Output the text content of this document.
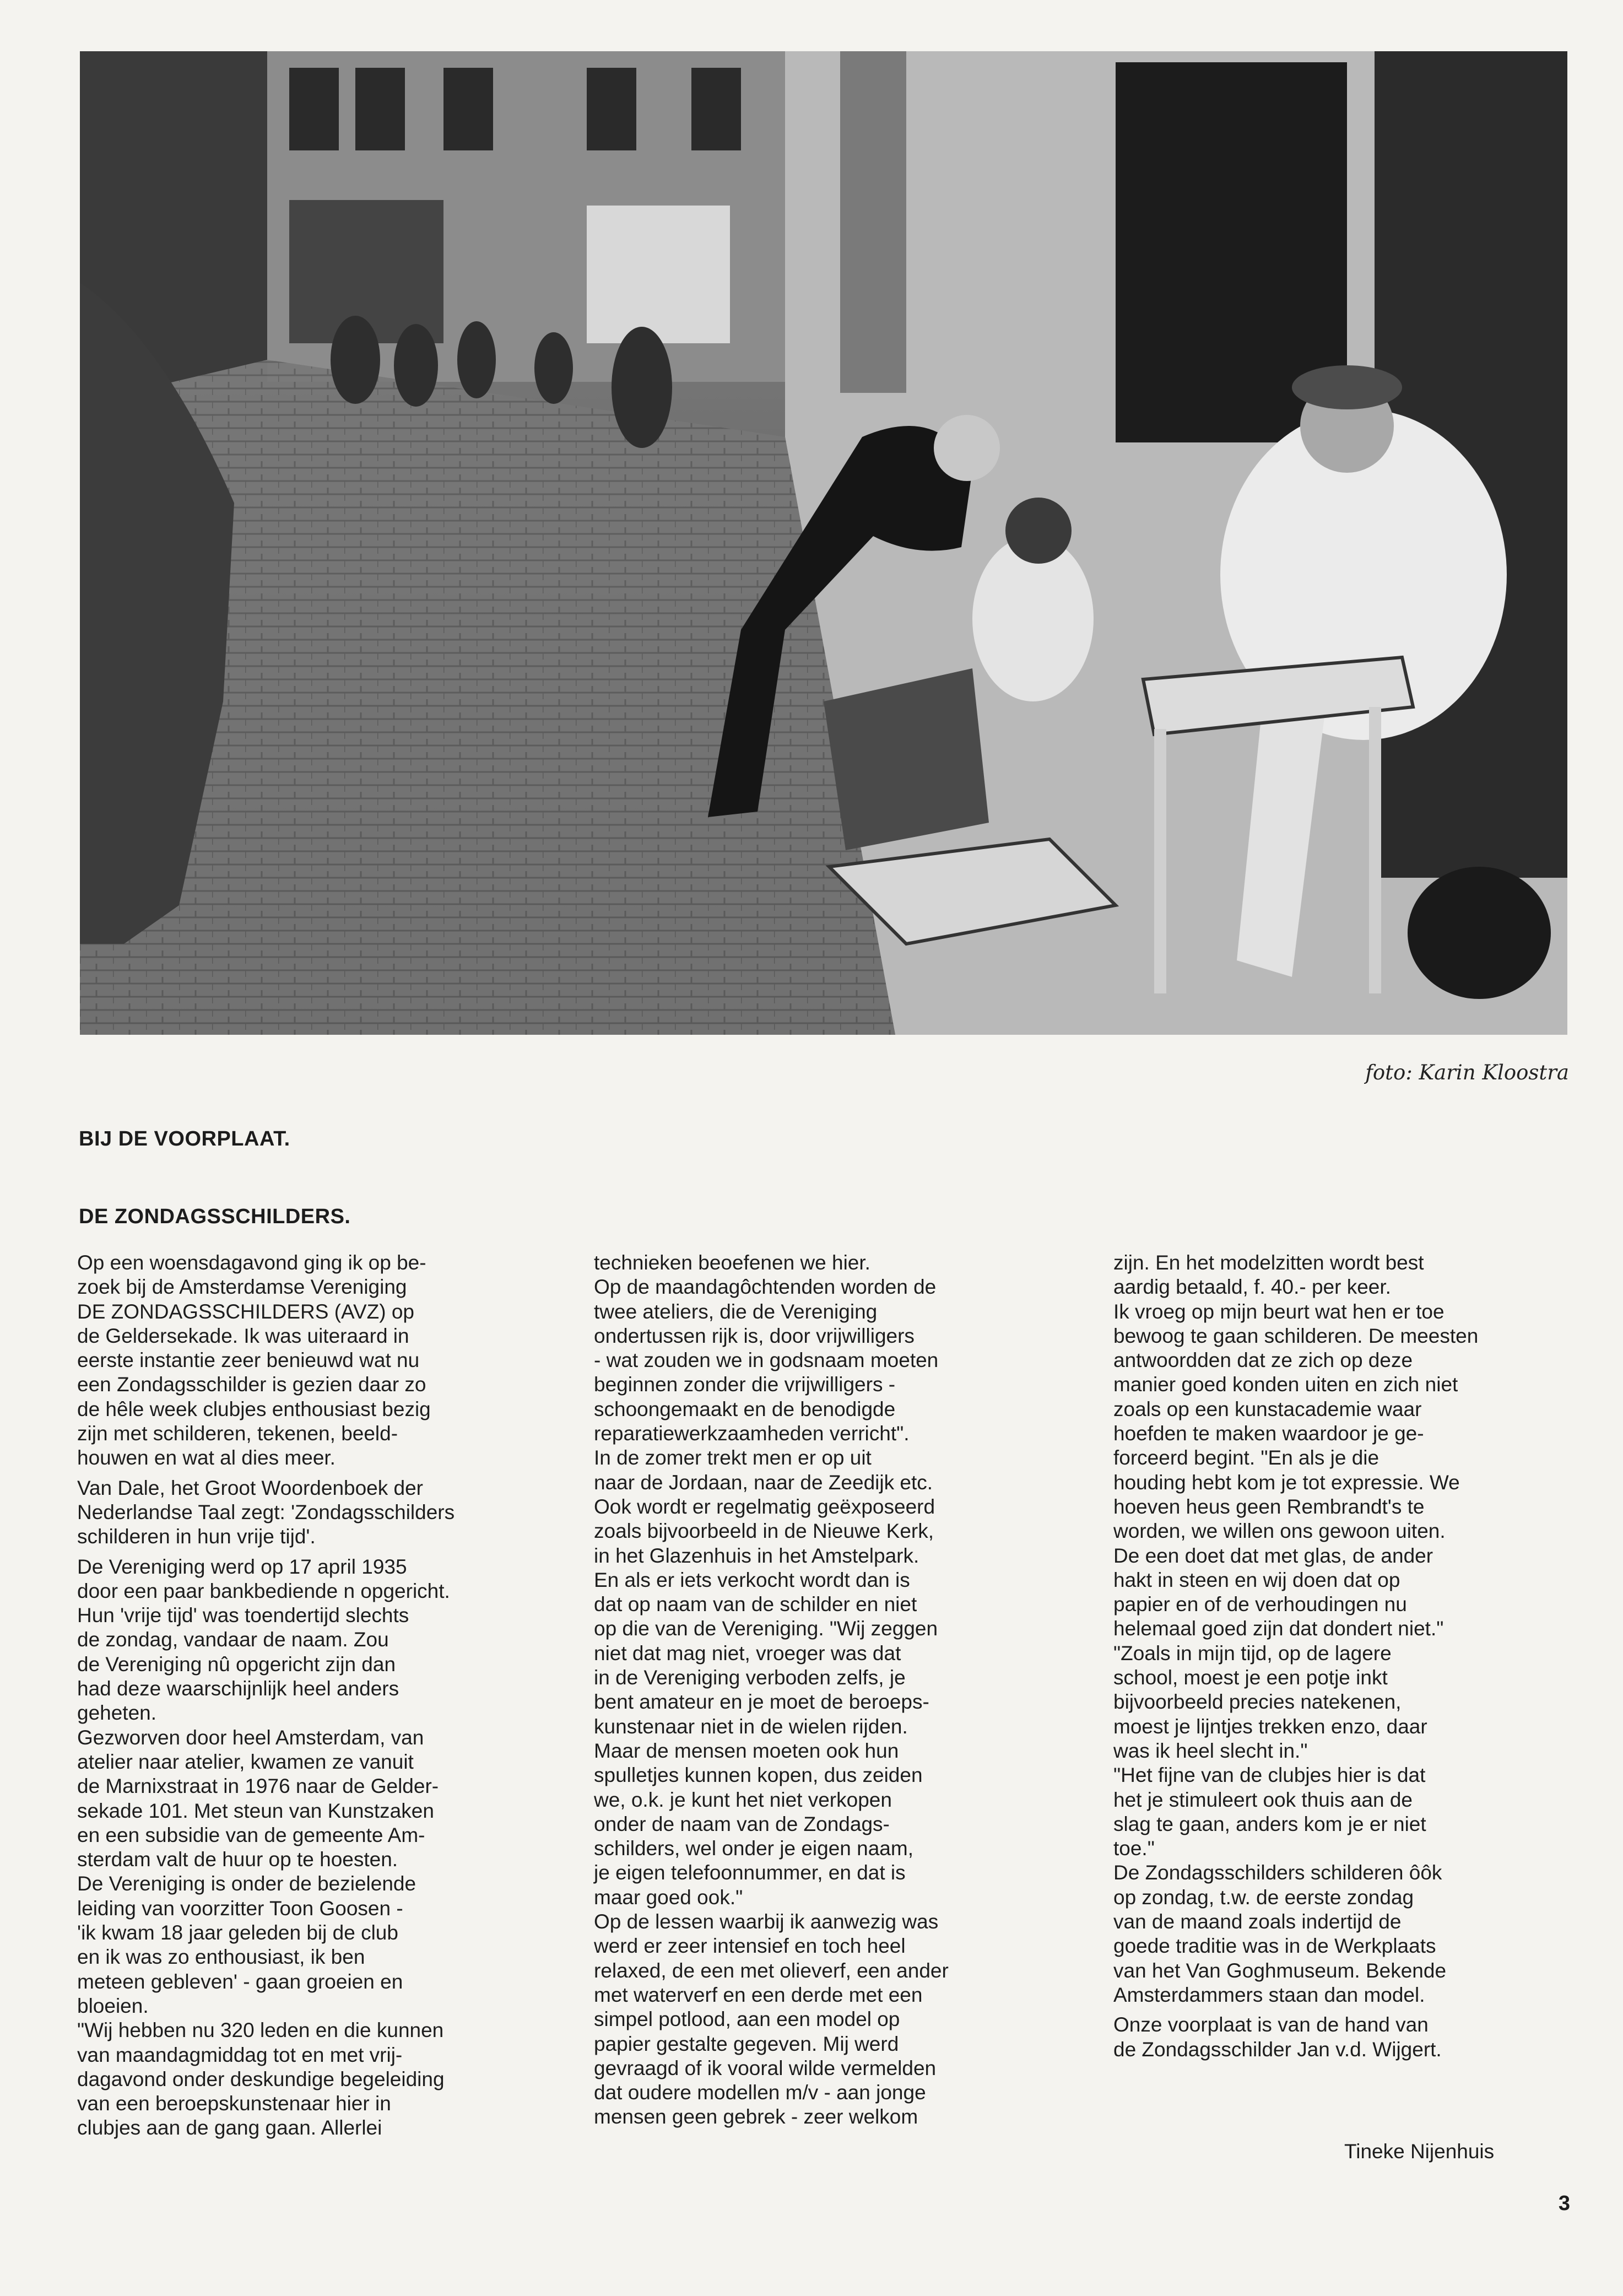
foto: Karin Kloostra
BIJ DE VOORPLAAT.
DE ZONDAGSSCHILDERS.
Op een woensdagavond ging ik op be-
zoek bij de Amsterdamse Vereniging
DE ZONDAGSSCHILDERS (AVZ) op
de Geldersekade. Ik was uiteraard in
eerste instantie zeer benieuwd wat nu
een Zondagsschilder is gezien daar zo
de hêle week clubjes enthousiast bezig
zijn met schilderen, tekenen, beeld-
houwen en wat al dies meer.
Van Dale, het Groot Woordenboek der
Nederlandse Taal zegt: 'Zondagsschilders
schilderen in hun vrije tijd'.
De Vereniging werd op 17 april 1935
door een paar bankbediende n opgericht.
Hun 'vrije tijd' was toendertijd slechts
de zondag, vandaar de naam. Zou
de Vereniging nû opgericht zijn dan
had deze waarschijnlijk heel anders
geheten.
Gezworven door heel Amsterdam, van
atelier naar atelier, kwamen ze vanuit
de Marnixstraat in 1976 naar de Gelder-
sekade 101. Met steun van Kunstzaken
en een subsidie van de gemeente Am-
sterdam valt de huur op te hoesten.
De Vereniging is onder de bezielende
leiding van voorzitter Toon Goosen -
'ik kwam 18 jaar geleden bij de club
en ik was zo enthousiast, ik ben
meteen gebleven' - gaan groeien en
bloeien.
"Wij hebben nu 320 leden en die kunnen
van maandagmiddag tot en met vrij-
dagavond onder deskundige begeleiding
van een beroepskunstenaar hier in
clubjes aan de gang gaan. Allerlei
technieken beoefenen we hier.
Op de maandagôchtenden worden de
twee ateliers, die de Vereniging
ondertussen rijk is, door vrijwilligers
- wat zouden we in godsnaam moeten
beginnen zonder die vrijwilligers -
schoongemaakt en de benodigde
reparatiewerkzaamheden verricht".
In de zomer trekt men er op uit
naar de Jordaan, naar de Zeedijk etc.
Ook wordt er regelmatig geëxposeerd
zoals bijvoorbeeld in de Nieuwe Kerk,
in het Glazenhuis in het Amstelpark.
En als er iets verkocht wordt dan is
dat op naam van de schilder en niet
op die van de Vereniging. "Wij zeggen
niet dat mag niet, vroeger was dat
in de Vereniging verboden zelfs, je
bent amateur en je moet de beroeps-
kunstenaar niet in de wielen rijden.
Maar de mensen moeten ook hun
spulletjes kunnen kopen, dus zeiden
we, o.k. je kunt het niet verkopen
onder de naam van de Zondags-
schilders, wel onder je eigen naam,
je eigen telefoonnummer, en dat is
maar goed ook."
Op de lessen waarbij ik aanwezig was
werd er zeer intensief en toch heel
relaxed, de een met olieverf, een ander
met waterverf en een derde met een
simpel potlood, aan een model op
papier gestalte gegeven. Mij werd
gevraagd of ik vooral wilde vermelden
dat oudere modellen m/v - aan jonge
mensen geen gebrek - zeer welkom
zijn. En het modelzitten wordt best
aardig betaald, f. 40.- per keer.
Ik vroeg op mijn beurt wat hen er toe
bewoog te gaan schilderen. De meesten
antwoordden dat ze zich op deze
manier goed konden uiten en zich niet
zoals op een kunstacademie waar
hoefden te maken waardoor je ge-
forceerd begint. "En als je die
houding hebt kom je tot expressie. We
hoeven heus geen Rembrandt's te
worden, we willen ons gewoon uiten.
De een doet dat met glas, de ander
hakt in steen en wij doen dat op
papier en of de verhoudingen nu
helemaal goed zijn dat dondert niet."
"Zoals in mijn tijd, op de lagere
school, moest je een potje inkt
bijvoorbeeld precies natekenen,
moest je lijntjes trekken enzo, daar
was ik heel slecht in."
"Het fijne van de clubjes hier is dat
het je stimuleert ook thuis aan de
slag te gaan, anders kom je er niet
toe."
De Zondagsschilders schilderen ôôk
op zondag, t.w. de eerste zondag
van de maand zoals indertijd de
goede traditie was in de Werkplaats
van het Van Goghmuseum. Bekende
Amsterdammers staan dan model.
Onze voorplaat is van de hand van
de Zondagsschilder Jan v.d. Wijgert.
Tineke Nijenhuis
3
